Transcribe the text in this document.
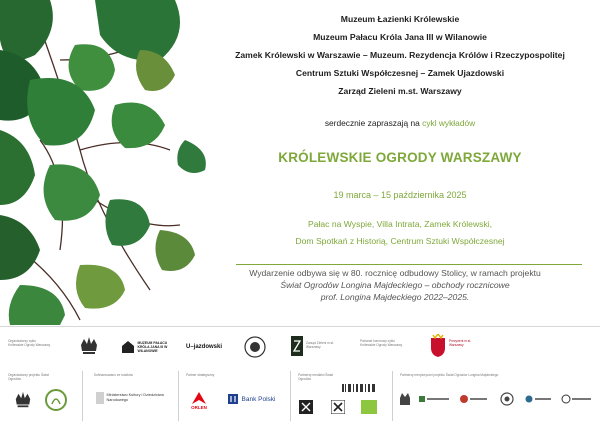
Muzeum Łazienki Królewskie
Muzeum Pałacu Króla Jana III w Wilanowie
Zamek Królewski w Warszawie – Muzeum. Rezydencja Królów i Rzeczypospolitej
Centrum Sztuki Współczesnej – Zamek Ujazdowski
Zarząd Zieleni m.st. Warszawy
serdecznie zapraszają na cykl wykładów
KRÓLEWSKIE OGRODY WARSZAWY
19 marca – 15 października 2025
Pałac na Wyspie, Villa Intrata, Zamek Królewski,
Dom Spotkań z Historią, Centrum Sztuki Współczesnej
Wydarzenie odbywa się w 80. rocznicę odbudowy Stolicy, w ramach projektu
Świat Ogrodów Longina Majdeckiego – obchody rocznicowe
prof. Longina Majdeckiego 2022–2025.
Organizatorzy cyklu Królewskie Ogrody Warszawy	MUZEUM PAŁACU KRÓLA JANA III W WILANOWIE
U–jazdowski
Zarząd Zieleni m.st. Warszawy
Patronat honorowy cyklu Królewskie Ogrody Warszawy
Prezydent m.st. Warszawy
Organizatorzy projektu Świat Ogrodów
Dofinansowano ze środków
Ministerstwo Kultury i Dziedzictwa Narodowego
Partner strategiczny
ORLEN
Bank Polski
Partnerzy medialni Świat Ogrodów
Partnerzy merytoryczni projektu Świat Ogrodów Longina Majdeckiego
